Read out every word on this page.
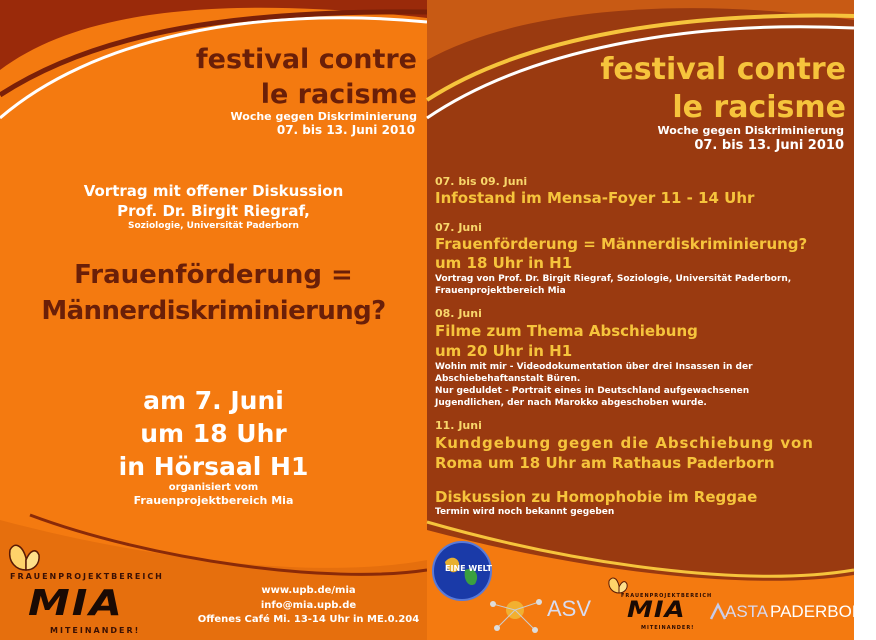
festival contre
le racisme
Woche gegen Diskriminierung
07. bis 13. Juni 2010
Vortrag mit offener Diskussion
Prof. Dr. Birgit Riegraf,
Soziologie, Universität Paderborn
Frauenförderung =
Männerdiskriminierung?
am 7. Juni
um 18 Uhr
in Hörsaal H1
organisiert vom
Frauenprojektbereich Mia
FRAUENPROJEKTBEREICH
MIA
MITEINANDER!
www.upb.de/mia
info@mia.upb.de
Offenes Café Mi. 13-14 Uhr in ME.0.204
festival contre
le racisme
Woche gegen Diskriminierung
07. bis 13. Juni 2010
07. bis 09. Juni
Infostand im Mensa-Foyer 11 - 14 Uhr
07. Juni
Frauenförderung = Männerdiskriminierung?
um 18 Uhr in H1
Vortrag von Prof. Dr. Birgit Riegraf, Soziologie, Universität Paderborn,
Frauenprojektbereich Mia
08. Juni
Filme zum Thema Abschiebung
um 20 Uhr in H1
Wohin mit mir - Videodokumentation über drei Insassen in der
Abschiebehaftanstalt Büren.
Nur geduldet - Portrait eines in Deutschland aufgewachsenen
Jugendlichen, der nach Marokko abgeschoben wurde.
11. Juni
Kundgebung gegen die Abschiebung von
Roma um 18 Uhr am Rathaus Paderborn
Diskussion zu Homophobie im Reggae
Termin wird noch bekannt gegeben
EINE WELT
ASV	FRAUENPROJEKTBEREICH
MIA
MITEINANDER!
ASTA PADERBORN
